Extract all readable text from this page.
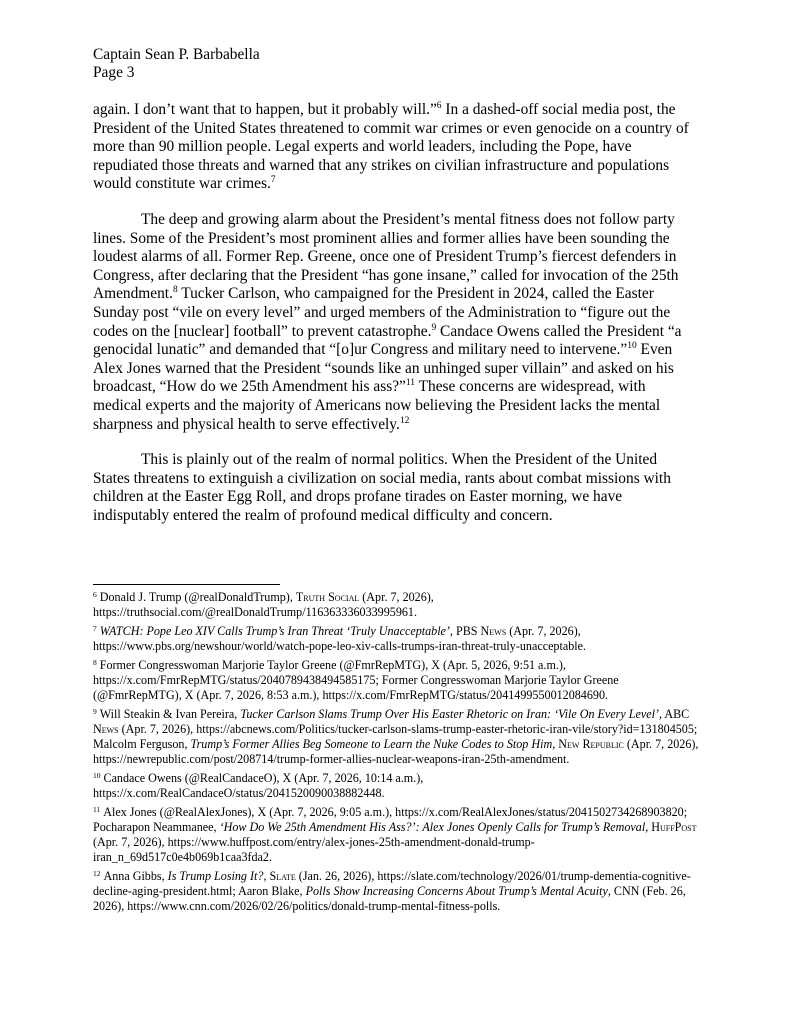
Captain Sean P. Barbabella
Page 3

again. I don’t want that to happen, but it probably will.”$^6$ In a dashed-off social media post, the President of the United States threatened to commit war crimes or even genocide on a country of more than 90 million people. Legal experts and world leaders, including the Pope, have repudiated those threats and warned that any strikes on civilian infrastructure and populations would constitute war crimes.$^7$

The deep and growing alarm about the President’s mental fitness does not follow party lines. Some of the President’s most prominent allies and former allies have been sounding the loudest alarms of all. Former Rep. Greene, once one of President Trump’s fiercest defenders in Congress, after declaring that the President “has gone insane,” called for invocation of the 25th Amendment.$^8$ Tucker Carlson, who campaigned for the President in 2024, called the Easter Sunday post “vile on every level” and urged members of the Administration to “figure out the codes on the [nuclear] football” to prevent catastrophe.$^9$ Candace Owens called the President “a genocidal lunatic” and demanded that “[o]ur Congress and military need to intervene.”$^{10}$ Even Alex Jones warned that the President “sounds like an unhinged super villain” and asked on his broadcast, “How do we 25th Amendment his ass?”$^{11}$ These concerns are widespread, with medical experts and the majority of Americans now believing the President lacks the mental sharpness and physical health to serve effectively.$^{12}$

This is plainly out of the realm of normal politics. When the President of the United States threatens to extinguish a civilization on social media, rants about combat missions with children at the Easter Egg Roll, and drops profane tirades on Easter morning, we have indisputably entered the realm of profound medical difficulty and concern.

$^6$ Donald J. Trump (@realDonaldTrump), Truth Social (Apr. 7, 2026), https://truthsocial.com/@realDonaldTrump/116363336033995961.
$^7$ WATCH: Pope Leo XIV Calls Trump’s Iran Threat ‘Truly Unacceptable’, PBS News (Apr. 7, 2026), https://www.pbs.org/newshour/world/watch-pope-leo-xiv-calls-trumps-iran-threat-truly-unacceptable.
$^8$ Former Congresswoman Marjorie Taylor Greene (@FmrRepMTG), X (Apr. 5, 2026, 9:51 a.m.), https://x.com/FmrRepMTG/status/2040789438494585175; Former Congresswoman Marjorie Taylor Greene (@FmrRepMTG), X (Apr. 7, 2026, 8:53 a.m.), https://x.com/FmrRepMTG/status/2041499550012084690.
$^9$ Will Steakin & Ivan Pereira, Tucker Carlson Slams Trump Over His Easter Rhetoric on Iran: ‘Vile On Every Level’, ABC News (Apr. 7, 2026), https://abcnews.com/Politics/tucker-carlson-slams-trump-easter-rhetoric-iran-vile/story?id=131804505; Malcolm Ferguson, Trump’s Former Allies Beg Someone to Learn the Nuke Codes to Stop Him, New Republic (Apr. 7, 2026), https://newrepublic.com/post/208714/trump-former-allies-nuclear-weapons-iran-25th-amendment.
$^{10}$ Candace Owens (@RealCandaceO), X (Apr. 7, 2026, 10:14 a.m.), https://x.com/RealCandaceO/status/2041520090038882448.
$^{11}$ Alex Jones (@RealAlexJones), X (Apr. 7, 2026, 9:05 a.m.), https://x.com/RealAlexJones/status/2041502734268903820; Pocharapon Neammanee, ‘How Do We 25th Amendment His Ass?’: Alex Jones Openly Calls for Trump’s Removal, HuffPost (Apr. 7, 2026), https://www.huffpost.com/entry/alex-jones-25th-amendment-donald-trump-iran_n_69d517c0e4b069b1caa3fda2.
$^{12}$ Anna Gibbs, Is Trump Losing It?, Slate (Jan. 26, 2026), https://slate.com/technology/2026/01/trump-dementia-cognitive-decline-aging-president.html; Aaron Blake, Polls Show Increasing Concerns About Trump’s Mental Acuity, CNN (Feb. 26, 2026), https://www.cnn.com/2026/02/26/politics/donald-trump-mental-fitness-polls.
